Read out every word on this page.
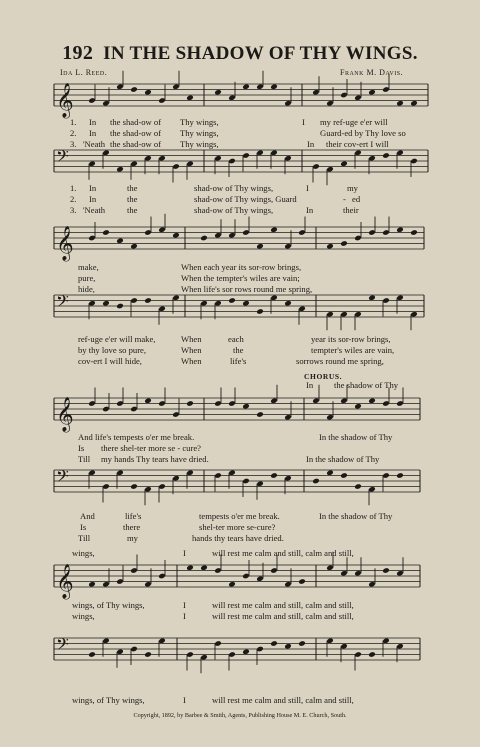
192 IN THE SHADOW OF THY WINGS.
Ida L. Reed.	Frank M. Davis.
𝄞
𝄢
𝄞
𝄢
𝄞
𝄢
𝄞
𝄢
1. In the shad-ow of Thy wings,	I my ref-uge e'er will
2. In the shad-ow of Thy wings,	Guard-ed by Thy love so
3. 'Neath the shad-ow of Thy wings,	In their cov-ert I will
1. In	the	shad-ow of Thy wings,	I	my
2. In	the	shad-ow of Thy wings, Guard	- ed
3. 'Neath	the	shad-ow of Thy wings,	In	their
make,	When each year its sor-row brings,
pure,	When the tempter's wiles are vain;
hide,	When life's sor rows round me spring,
ref-uge e'er will make,	When	each	year its sor-row brings,
by thy love so pure,	When	the	tempter's wiles are vain,
cov-ert I will hide,	When	life's	sorrows round me spring,
CHORUS.
In the shadow of Thy
And life's tempests o'er me break.	In the shadow of Thy
Is there shel-ter more se - cure?
Till my hands Thy tears have dried.	In the shadow of Thy
And	life's	tempests o'er me break.	In the shadow of Thy
Is	there	shel-ter more se-cure?
Till	my	hands thy tears have dried.
wings,	I	will rest me calm and still, calm and still,
wings, of Thy wings,	I	will rest me calm and still, calm and still,
wings,	I	will rest me calm and still, calm and still,
wings, of Thy wings,	I	will rest me calm and still, calm and still,
Copyright, 1892, by Barbee & Smith, Agents, Publishing House M. E. Church, South.
